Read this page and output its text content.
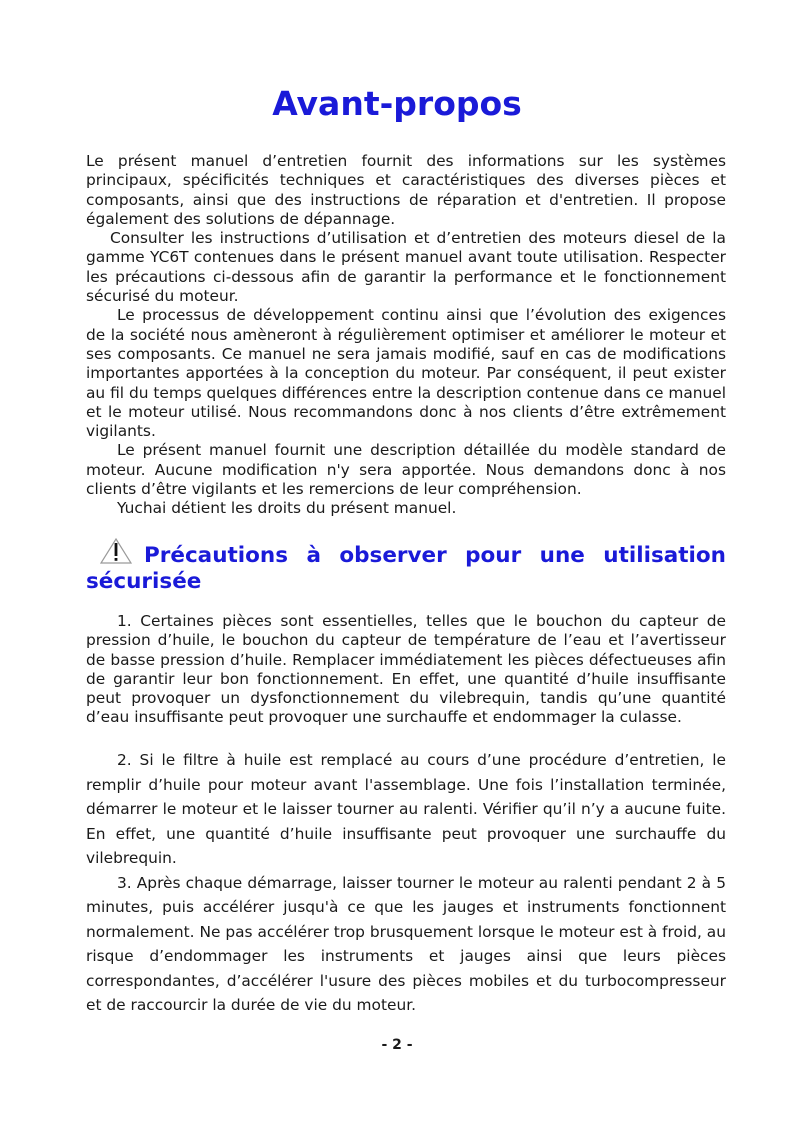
Avant-propos

Le présent manuel d’entretien fournit des informations sur les systèmes principaux, spécificités techniques et caractéristiques des diverses pièces et composants, ainsi que des instructions de réparation et d'entretien. Il propose également des solutions de dépannage.

Consulter les instructions d’utilisation et d’entretien des moteurs diesel de la gamme YC6T contenues dans le présent manuel avant toute utilisation. Respecter les précautions ci-dessous afin de garantir la performance et le fonctionnement sécurisé du moteur.

Le processus de développement continu ainsi que l’évolution des exigences de la société nous amèneront à régulièrement optimiser et améliorer le moteur et ses composants. Ce manuel ne sera jamais modifié, sauf en cas de modifications importantes apportées à la conception du moteur. Par conséquent, il peut exister au fil du temps quelques différences entre la description contenue dans ce manuel et le moteur utilisé. Nous recommandons donc à nos clients d’être extrêmement vigilants.

Le présent manuel fournit une description détaillée du modèle standard de moteur. Aucune modification n'y sera apportée. Nous demandons donc à nos clients d’être vigilants et les remercions de leur compréhension.

Yuchai détient les droits du présent manuel.

Précautions à observer pour une utilisation sécurisée

1. Certaines pièces sont essentielles, telles que le bouchon du capteur de pression d’huile, le bouchon du capteur de température de l’eau et l’avertisseur de basse pression d’huile. Remplacer immédiatement les pièces défectueuses afin de garantir leur bon fonctionnement. En effet, une quantité d’huile insuffisante peut provoquer un dysfonctionnement du vilebrequin, tandis qu’une quantité d’eau insuffisante peut provoquer une surchauffe et endommager la culasse.

2. Si le filtre à huile est remplacé au cours d’une procédure d’entretien, le remplir d’huile pour moteur avant l'assemblage. Une fois l’installation terminée, démarrer le moteur et le laisser tourner au ralenti. Vérifier qu’il n’y a aucune fuite. En effet, une quantité d’huile insuffisante peut provoquer une surchauffe du vilebrequin.

3. Après chaque démarrage, laisser tourner le moteur au ralenti pendant 2 à 5 minutes, puis accélérer jusqu'à ce que les jauges et instruments fonctionnent normalement. Ne pas accélérer trop brusquement lorsque le moteur est à froid, au risque d’endommager les instruments et jauges ainsi que leurs pièces correspondantes, d’accélérer l'usure des pièces mobiles et du turbocompresseur et de raccourcir la durée de vie du moteur.

- 2 -
